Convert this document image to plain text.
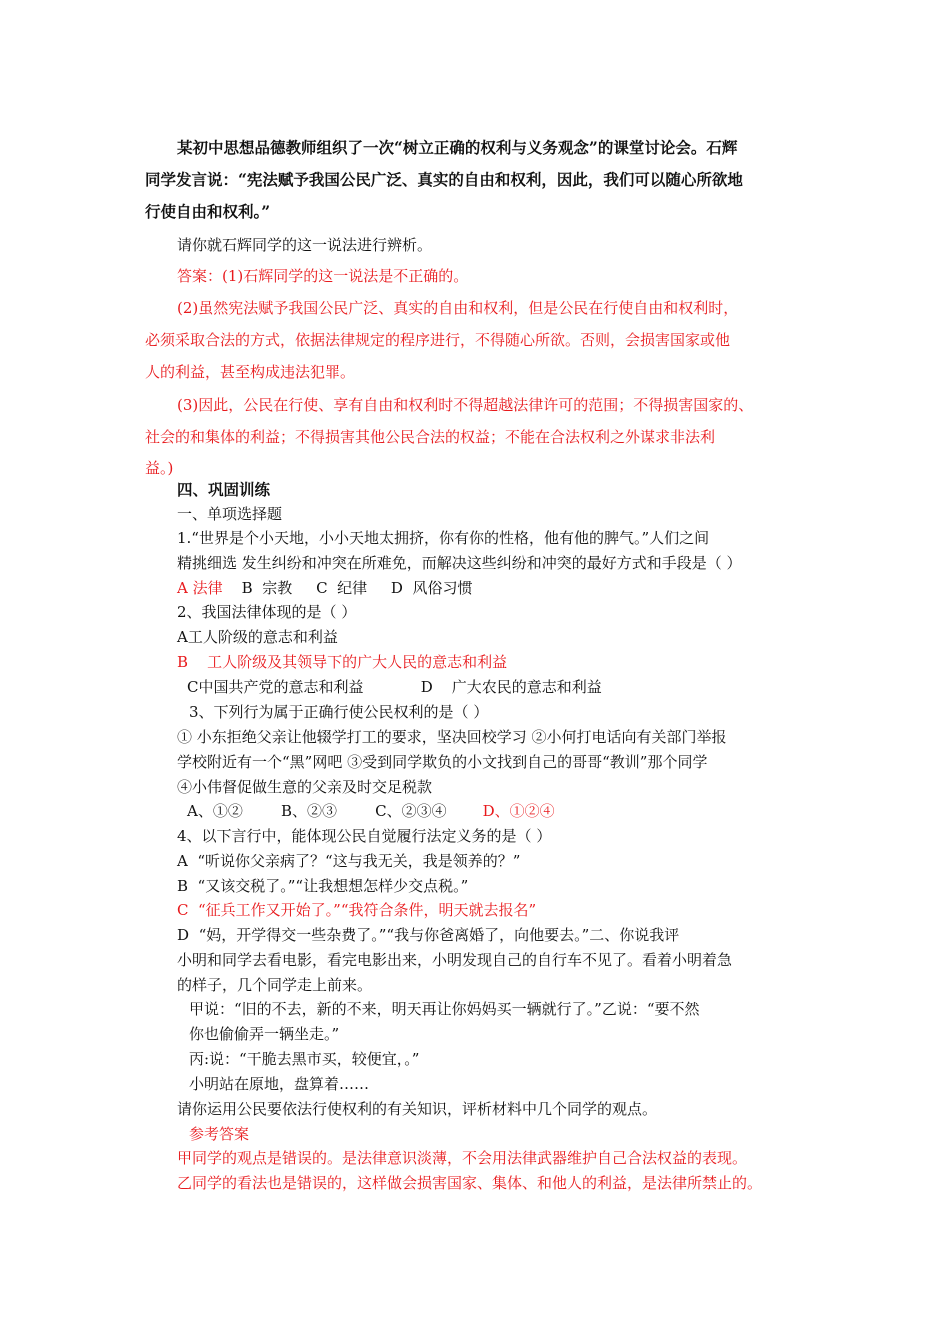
某初中思想品德教师组织了一次“树立正确的权利与义务观念”的课堂讨论会。石辉
同学发言说：“宪法赋予我国公民广泛、真实的自由和权利，因此，我们可以随心所欲地
行使自由和权利。”
请你就石辉同学的这一说法进行辨析。
答案：(1)石辉同学的这一说法是不正确的。
(2)虽然宪法赋予我国公民广泛、真实的自由和权利，但是公民在行使自由和权利时，
必须采取合法的方式，依据法律规定的程序进行，不得随心所欲。否则，会损害国家或他
人的利益，甚至构成违法犯罪。
(3)因此，公民在行使、享有自由和权利时不得超越法律许可的范围；不得损害国家的、
社会的和集体的利益；不得损害其他公民合法的权益；不能在合法权利之外谋求非法利
益。)
四、巩固训练
一、单项选择题
1.“世界是个小天地，小小天地太拥挤，你有你的性格，他有他的脾气。”人们之间
精挑细选 发生纠纷和冲突在所难免，而解决这些纠纷和冲突的最好方式和手段是（ ）
A 法律    B  宗教     C  纪律     D  风俗习惯
2、我国法律体现的是（ ）
A工人阶级的意志和利益
B    工人阶级及其领导下的广大人民的意志和利益
C中国共产党的意志和利益            D    广大农民的意志和利益
3、下列行为属于正确行使公民权利的是（ ）
① 小东拒绝父亲让他辍学打工的要求，坚决回校学习 ②小何打电话向有关部门举报
学校附近有一个“黑”网吧 ③受到同学欺负的小文找到自己的哥哥“教训”那个同学
④小伟督促做生意的父亲及时交足税款
A、①②        B、②③        C、②③④ D、①②④
4、以下言行中，能体现公民自觉履行法定义务的是（ ）
A  “听说你父亲病了？“这与我无关，我是领养的？”
B  “又该交税了。”“让我想想怎样少交点税。”
C  “征兵工作又开始了。”“我符合条件，明天就去报名”
D  “妈，开学得交一些杂费了。”“我与你爸离婚了，向他要去。”二、你说我评
小明和同学去看电影，看完电影出来，小明发现自己的自行车不见了。看着小明着急
的样子，几个同学走上前来。
甲说：“旧的不去，新的不来，明天再让你妈妈买一辆就行了。”乙说：“要不然
你也偷偷弄一辆坐走。”
丙:说：“干脆去黑市买，较便宜，。”
小明站在原地，盘算着……
请你运用公民要依法行使权利的有关知识，评析材料中几个同学的观点。
参考答案
甲同学的观点是错误的。是法律意识淡薄，不会用法律武器维护自己合法权益的表现。
乙同学的看法也是错误的，这样做会损害国家、集体、和他人的利益，是法律所禁止的。
